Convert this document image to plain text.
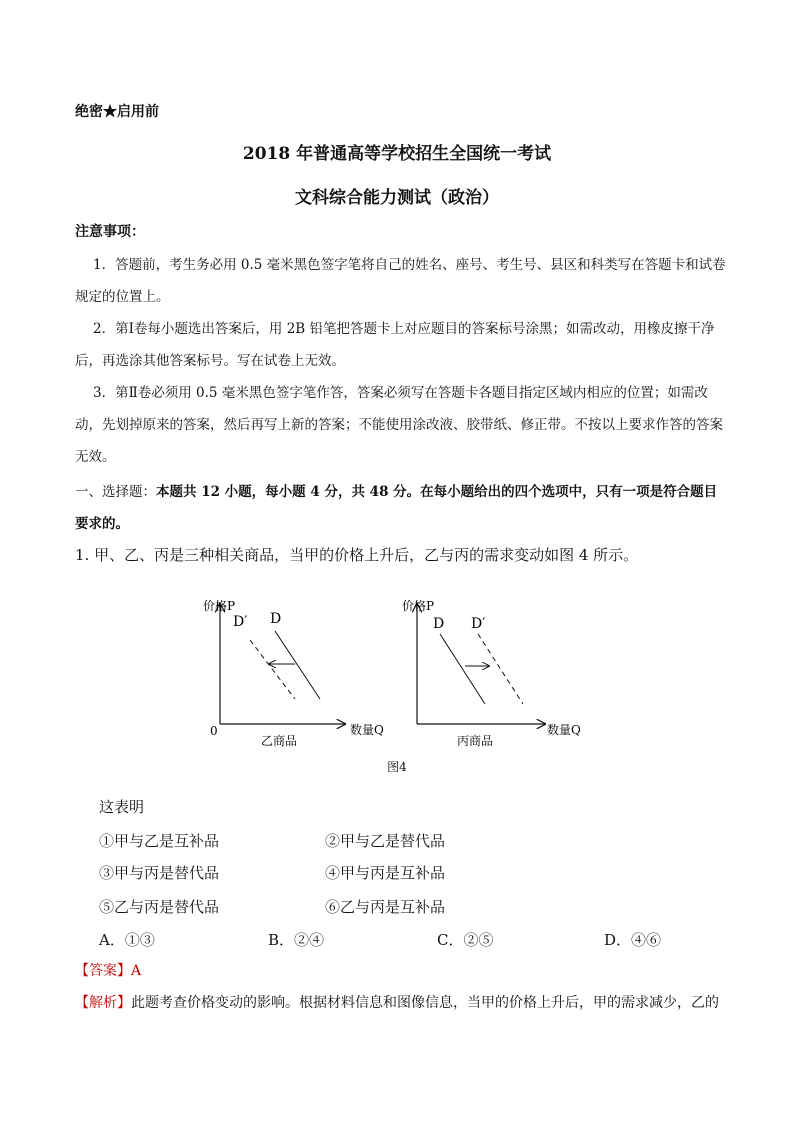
绝密★启用前
2018 年普通高等学校招生全国统一考试
文科综合能力测试（政治）
注意事项：
1．答题前，考生务必用 0.5 毫米黑色签字笔将自己的姓名、座号、考生号、县区和科类写在答题卡和试卷规定的位置上。
2．第Ⅰ卷每小题选出答案后，用 2B 铅笔把答题卡上对应题目的答案标号涂黑；如需改动，用橡皮擦干净后，再选涂其他答案标号。写在试卷上无效。
3．第Ⅱ卷必须用 0.5 毫米黑色签字笔作答，答案必须写在答题卡各题目指定区域内相应的位置；如需改动，先划掉原来的答案，然后再写上新的答案；不能使用涂改液、胶带纸、修正带。不按以上要求作答的答案无效。
一、选择题：本题共 12 小题，每小题 4 分，共 48 分。在每小题给出的四个选项中，只有一项是符合题目要求的。
1. 甲、乙、丙是三种相关商品，当甲的价格上升后，乙与丙的需求变动如图 4 所示。
价格P
数量Q
0
乙商品
D′ D
价格P
数量Q
丙商品
D D′
图4
这表明
①甲与乙是互补品	②甲与乙是替代品
③甲与丙是替代品	④甲与丙是互补品
⑤乙与丙是替代品	⑥乙与丙是互补品
A．①③	B．②④	C．②⑤	D．④⑥
【答案】A
【解析】此题考查价格变动的影响。根据材料信息和图像信息，当甲的价格上升后，甲的需求减少，乙的
